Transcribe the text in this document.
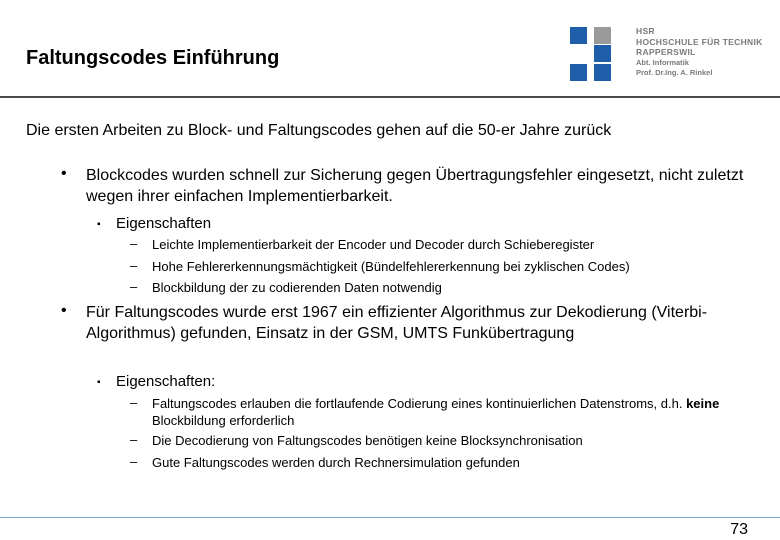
Faltungscodes Einführung
HSR
HOCHSCHULE FÜR TECHNIK
RAPPERSWIL
Abt. Informatik
Prof. Dr.Ing. A. Rinkel
Die ersten Arbeiten zu Block- und Faltungscodes gehen auf die 50-er Jahre zurück
• Blockcodes wurden schnell zur Sicherung gegen Übertragungsfehler eingesetzt, nicht zuletzt wegen ihrer einfachen Implementierbarkeit.
▪ Eigenschaften
– Leichte Implementierbarkeit der Encoder und Decoder durch Schieberegister
– Hohe Fehlererkennungsmächtigkeit (Bündelfehlererkennung bei zyklischen Codes)
– Blockbildung der zu codierenden Daten notwendig
• Für Faltungscodes wurde erst 1967 ein effizienter Algorithmus zur Dekodierung (Viterbi-Algorithmus) gefunden, Einsatz in der GSM, UMTS Funkübertragung
▪ Eigenschaften:
– Faltungscodes erlauben die fortlaufende Codierung eines kontinuierlichen Datenstroms, d.h. keine Blockbildung erforderlich
– Die Decodierung von Faltungscodes benötigen keine Blocksynchronisation
– Gute Faltungscodes werden durch Rechnersimulation gefunden
73
